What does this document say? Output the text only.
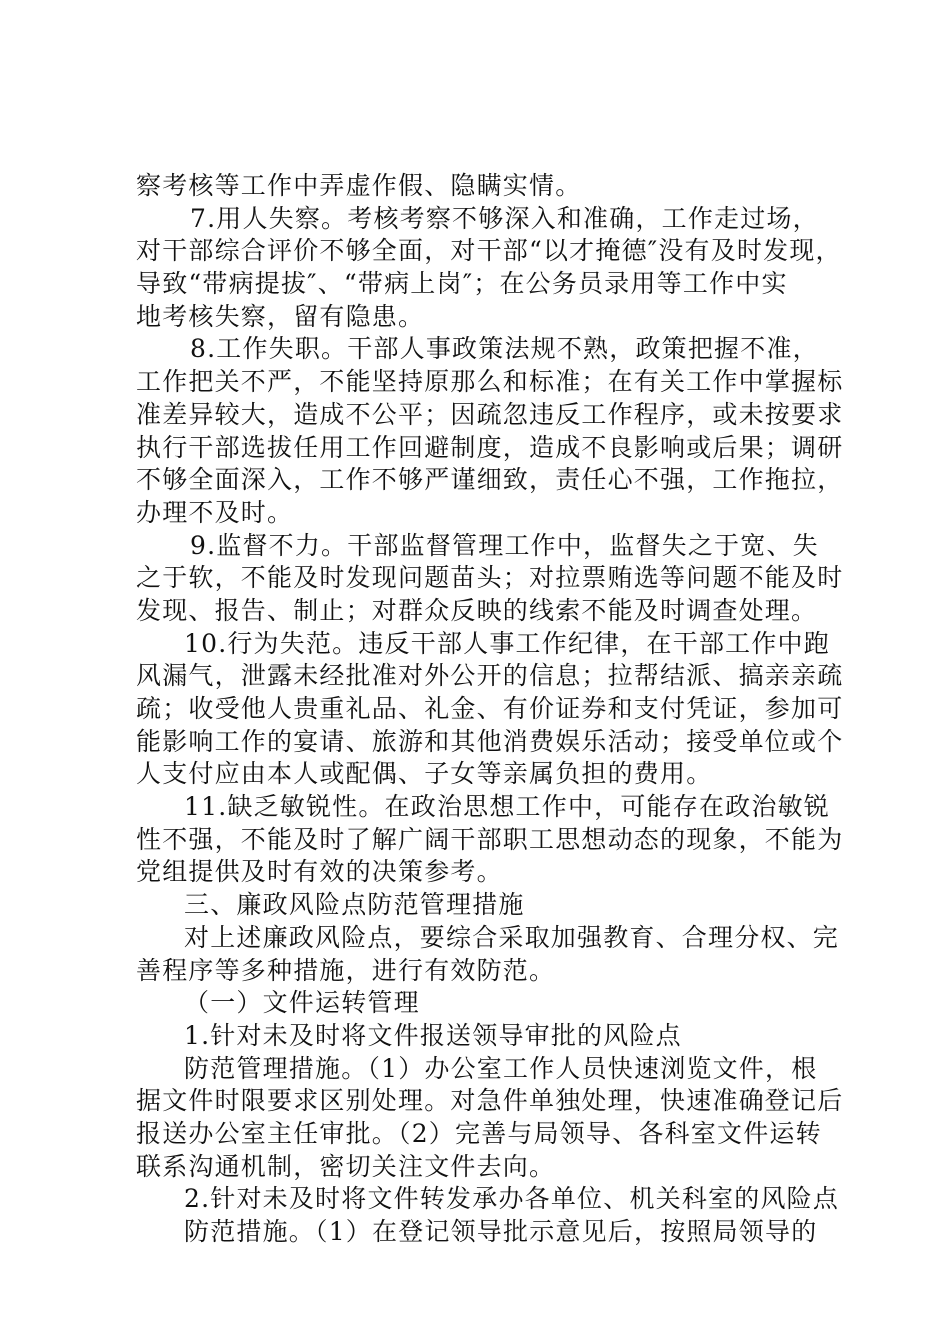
察考核等工作中弄虚作假、隐瞒实情。
7.用人失察。考核考察不够深入和准确，工作走过场，
对干部综合评价不够全面，对干部“以才掩德″没有及时发现，
导致“带病提拔″、“带病上岗″；在公务员录用等工作中实
地考核失察，留有隐患。
8.工作失职。干部人事政策法规不熟，政策把握不准，
工作把关不严，不能坚持原那么和标准；在有关工作中掌握标
准差异较大，造成不公平；因疏忽违反工作程序，或未按要求
执行干部选拔任用工作回避制度，造成不良影响或后果；调研
不够全面深入，工作不够严谨细致，责任心不强，工作拖拉，
办理不及时。
9.监督不力。干部监督管理工作中，监督失之于宽、失
之于软，不能及时发现问题苗头；对拉票贿选等问题不能及时
发现、报告、制止；对群众反映的线索不能及时调查处理。
10.行为失范。违反干部人事工作纪律，在干部工作中跑
风漏气，泄露未经批准对外公开的信息；拉帮结派、搞亲亲疏
疏；收受他人贵重礼品、礼金、有价证券和支付凭证，参加可
能影响工作的宴请、旅游和其他消费娱乐活动；接受单位或个
人支付应由本人或配偶、子女等亲属负担的费用。
11.缺乏敏锐性。在政治思想工作中，可能存在政治敏锐
性不强，不能及时了解广阔干部职工思想动态的现象，不能为
党组提供及时有效的决策参考。
三、廉政风险点防范管理措施
对上述廉政风险点，要综合采取加强教育、合理分权、完
善程序等多种措施，进行有效防范。
（一）文件运转管理
1.针对未及时将文件报送领导审批的风险点
防范管理措施。（1）办公室工作人员快速浏览文件，根
据文件时限要求区别处理。对急件单独处理，快速准确登记后
报送办公室主任审批。（2）完善与局领导、各科室文件运转
联系沟通机制，密切关注文件去向。
2.针对未及时将文件转发承办各单位、机关科室的风险点
防范措施。（1）在登记领导批示意见后，按照局领导的
